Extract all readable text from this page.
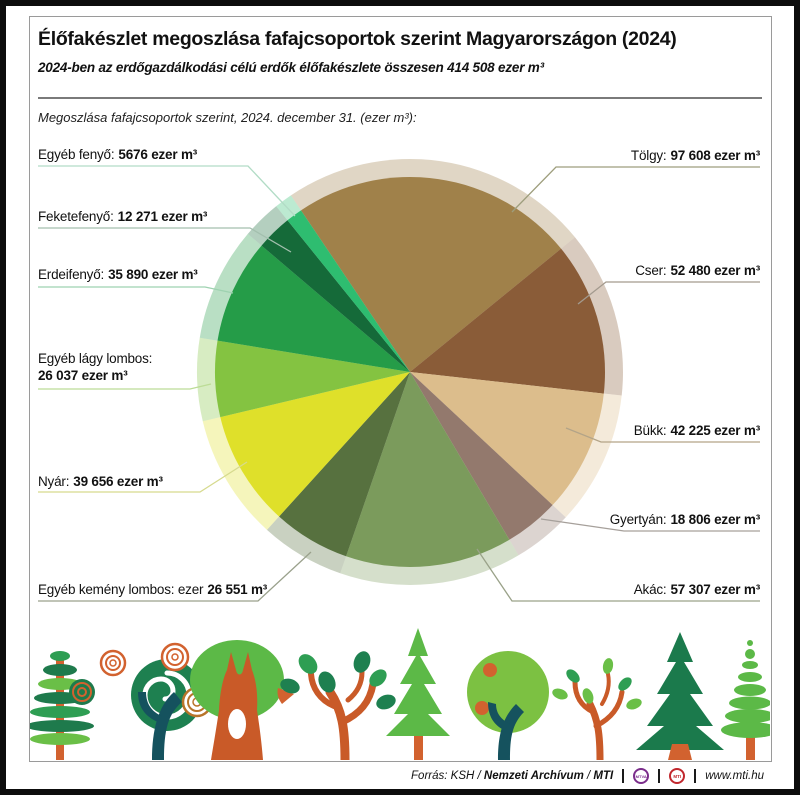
Élőfakészlet megoszlása fafajcsoportok szerint Magyarországon (2024)
2024-ben az erdőgazdálkodási célú erdők élőfakészlete összesen 414 508 ezer m³
Megoszlása fafajcsoportok szerint, 2024. december 31. (ezer m³):
Egyéb fenyő: 5676 ezer m³
Feketefenyő: 12 271 ezer m³
Erdeifenyő: 35 890 ezer m³
Egyéb lágy lombos:
26 037 ezer m³
Nyár: 39 656 ezer m³
Egyéb kemény lombos: ezer 26 551 m³
Tölgy: 97 608 ezer m³
Cser: 52 480 ezer m³
Bükk: 42 225 ezer m³
Gyertyán: 18 806 ezer m³
Akác: 57 307 ezer m³
Forrás: KSH / Nemzeti Archívum / MTI	MTVA	MTI	www.mti.hu
